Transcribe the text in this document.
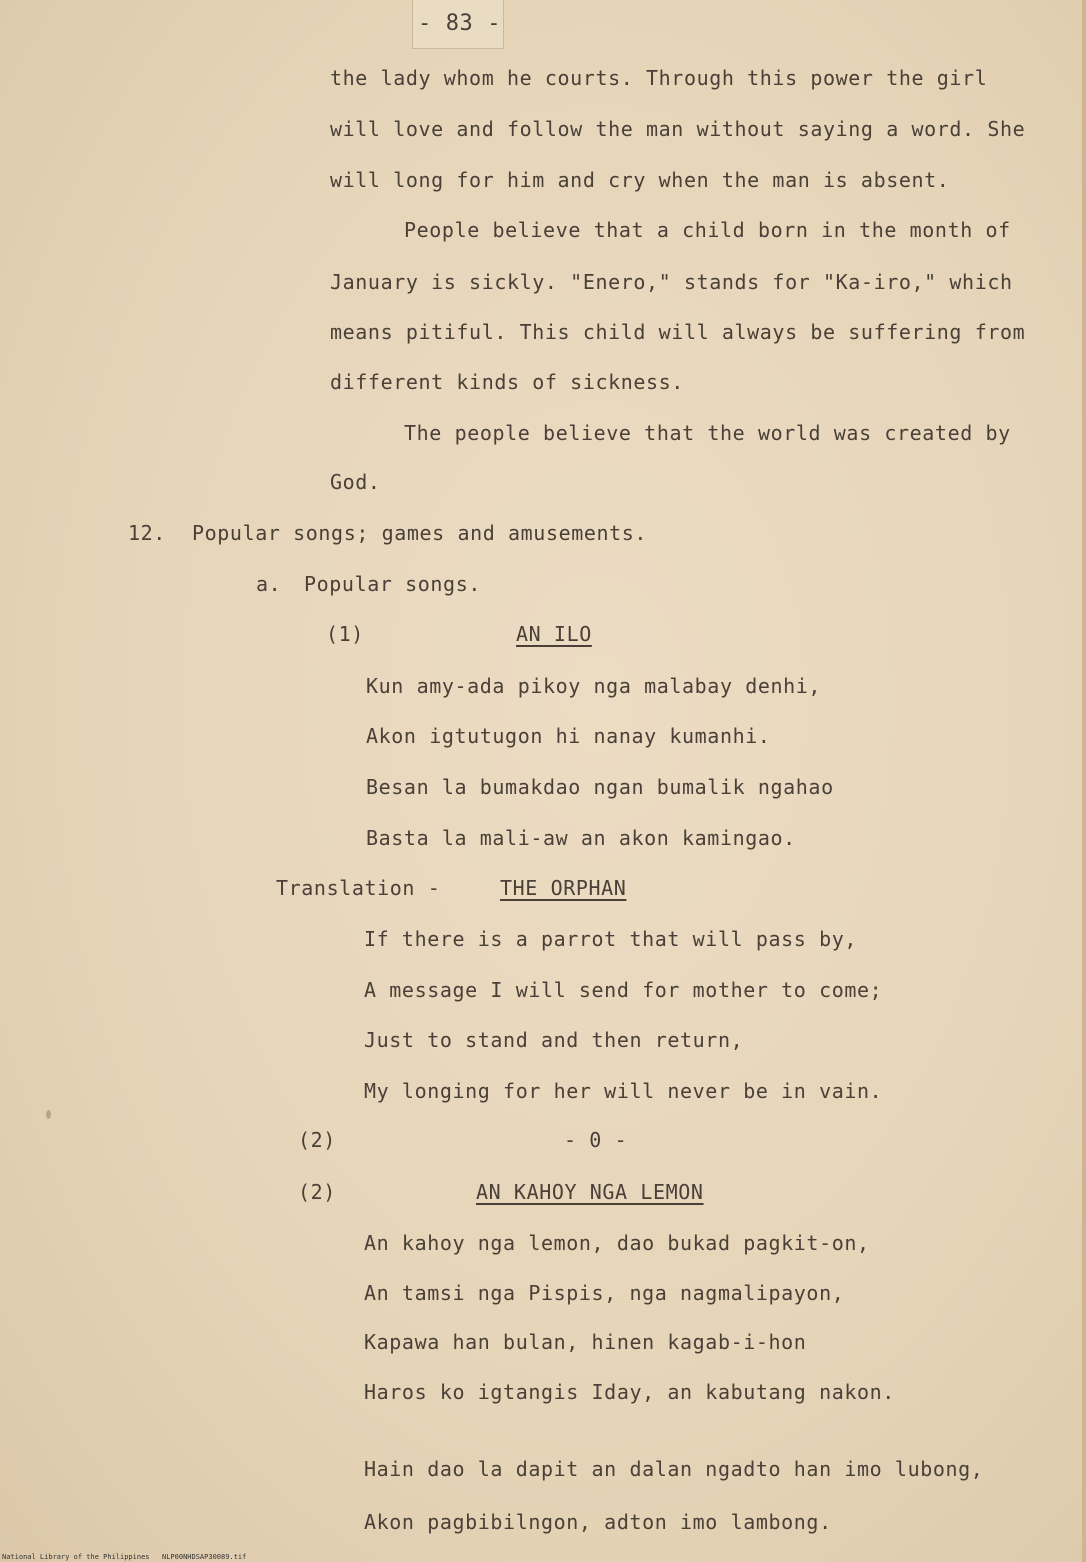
- 83 -
the lady whom he courts. Through this power the girl
will love and follow the man without saying a word. She
will long for him and cry when the man is absent.
People believe that a child born in the month of
January is sickly. "Enero," stands for "Ka-iro," which
means pitiful. This child will always be suffering from
different kinds of sickness.
The people believe that the world was created by
God.
12. Popular songs; games and amusements.
a. Popular songs.
(1)	AN ILO
Kun amy-ada pikoy nga malabay denhi,
Akon igtutugon hi nanay kumanhi.
Besan la bumakdao ngan bumalik ngahao
Basta la mali-aw an akon kamingao.
Translation -	THE ORPHAN
If there is a parrot that will pass by,
A message I will send for mother to come;
Just to stand and then return,
My longing for her will never be in vain.
(2)	- 0 -
(2)	AN KAHOY NGA LEMON
An kahoy nga lemon, dao bukad pagkit-on,
An tamsi nga Pispis, nga nagmalipayon,
Kapawa han bulan, hinen kagab-i-hon
Haros ko igtangis Iday, an kabutang nakon.
Hain dao la dapit an dalan ngadto han imo lubong,
Akon pagbibilngon, adton imo lambong.
National Library of the Philippines NLP00NHDSAP30089.tif
